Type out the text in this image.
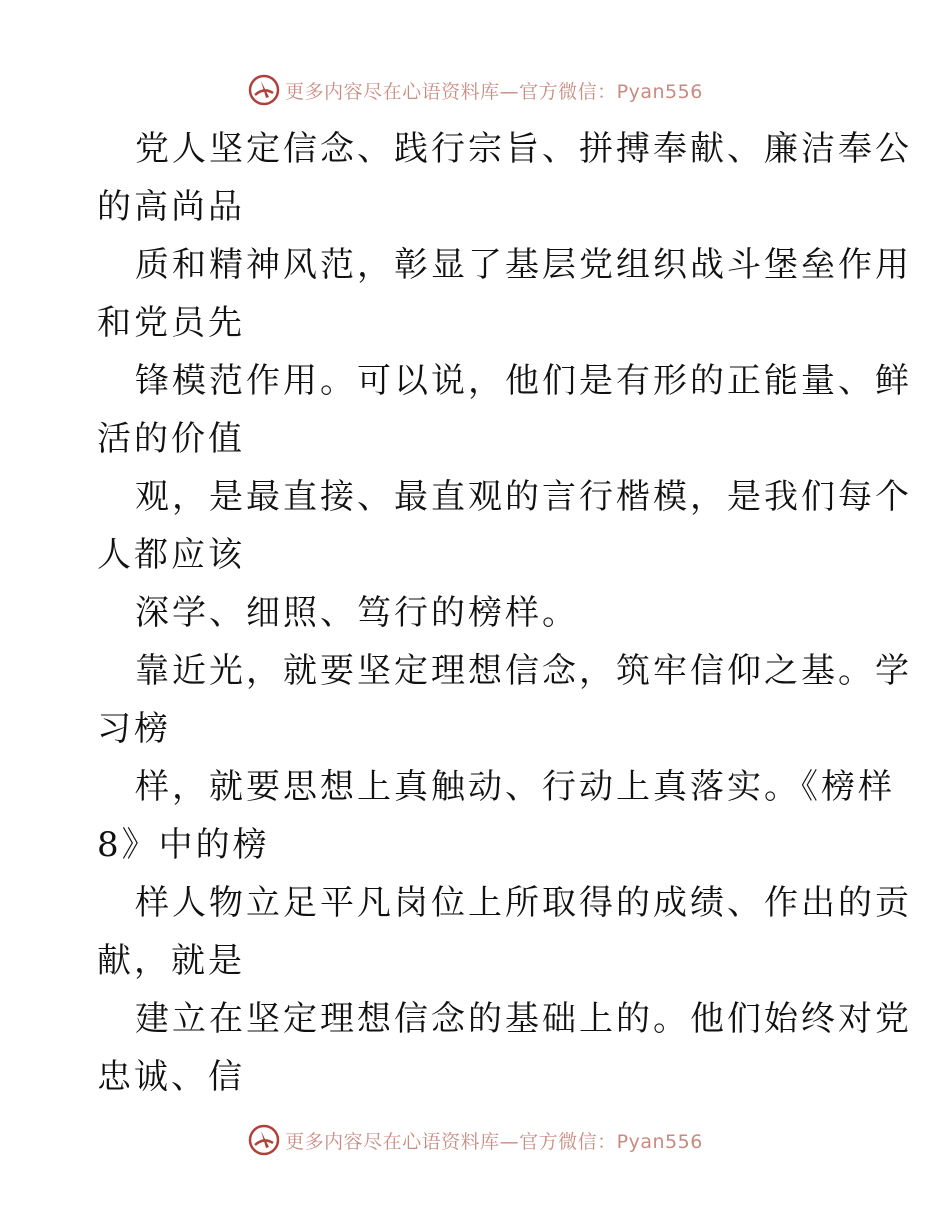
更多内容尽在心语资料库—官方微信：Pyan556
党人坚定信念、践行宗旨、拼搏奉献、廉洁奉公
的高尚品
质和精神风范，彰显了基层党组织战斗堡垒作用
和党员先
锋模范作用。可以说，他们是有形的正能量、鲜
活的价值
观，是最直接、最直观的言行楷模，是我们每个
人都应该
深学、细照、笃行的榜样。
靠近光，就要坚定理想信念，筑牢信仰之基。学
习榜
样，就要思想上真触动、行动上真落实。《榜样
8》中的榜
样人物立足平凡岗位上所取得的成绩、作出的贡
献，就是
建立在坚定理想信念的基础上的。他们始终对党
忠诚、信
更多内容尽在心语资料库—官方微信：Pyan556
